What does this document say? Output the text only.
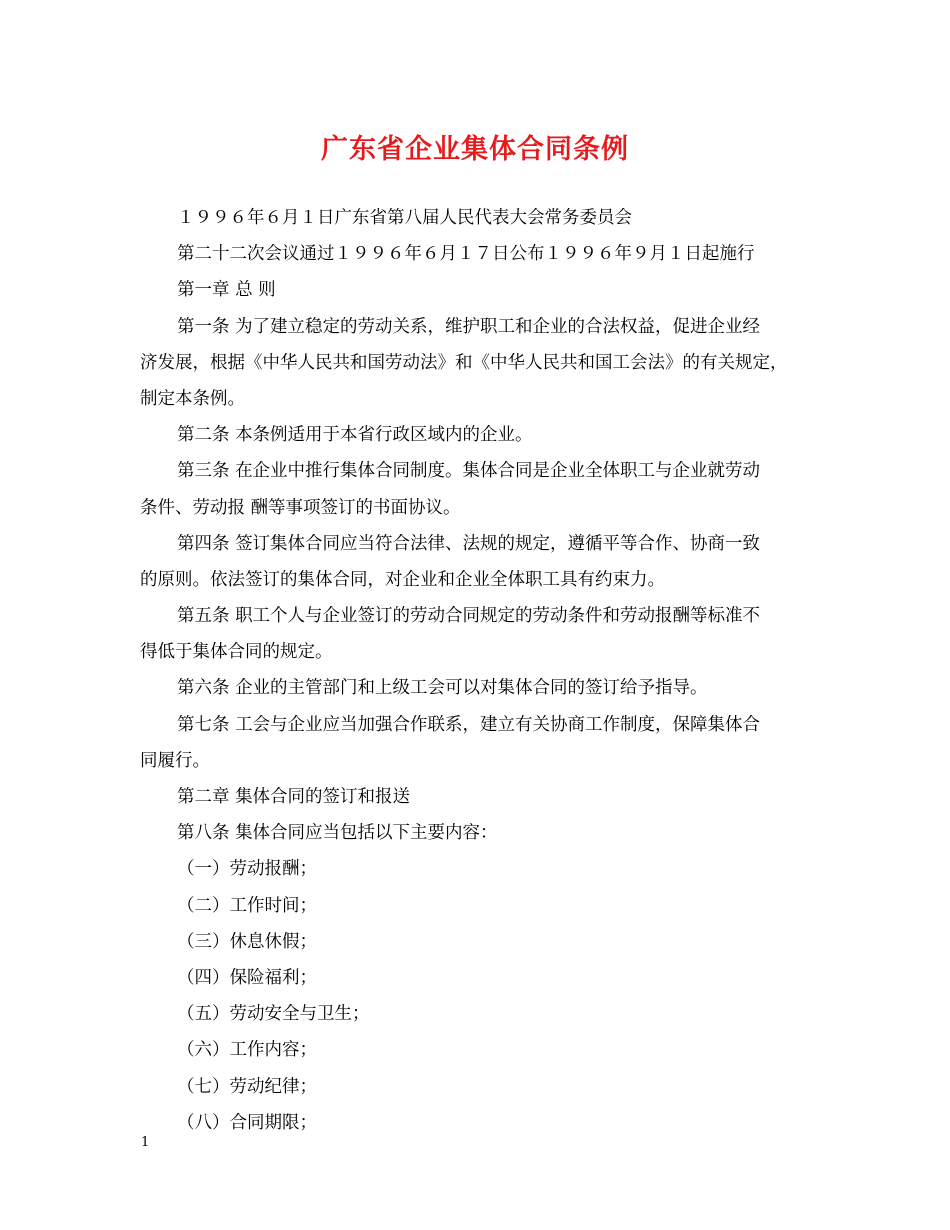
广东省企业集体合同条例
１９９６年６月１日广东省第八届人民代表大会常务委员会
第二十二次会议通过１９９６年６月１７日公布１９９６年９月１日起施行
第一章 总 则
第一条 为了建立稳定的劳动关系，维护职工和企业的合法权益，促进企业经
济发展，根据《中华人民共和国劳动法》和《中华人民共和国工会法》的有关规定，
制定本条例。
第二条 本条例适用于本省行政区域内的企业。
第三条 在企业中推行集体合同制度。集体合同是企业全体职工与企业就劳动
条件、劳动报 酬等事项签订的书面协议。
第四条 签订集体合同应当符合法律、法规的规定，遵循平等合作、协商一致
的原则。依法签订的集体合同，对企业和企业全体职工具有约束力。
第五条 职工个人与企业签订的劳动合同规定的劳动条件和劳动报酬等标准不
得低于集体合同的规定。
第六条 企业的主管部门和上级工会可以对集体合同的签订给予指导。
第七条 工会与企业应当加强合作联系，建立有关协商工作制度，保障集体合
同履行。
第二章 集体合同的签订和报送
第八条 集体合同应当包括以下主要内容：
（一）劳动报酬；
（二）工作时间；
（三）休息休假；
（四）保险福利；
（五）劳动安全与卫生；
（六）工作内容；
（七）劳动纪律；
（八）合同期限；
1
